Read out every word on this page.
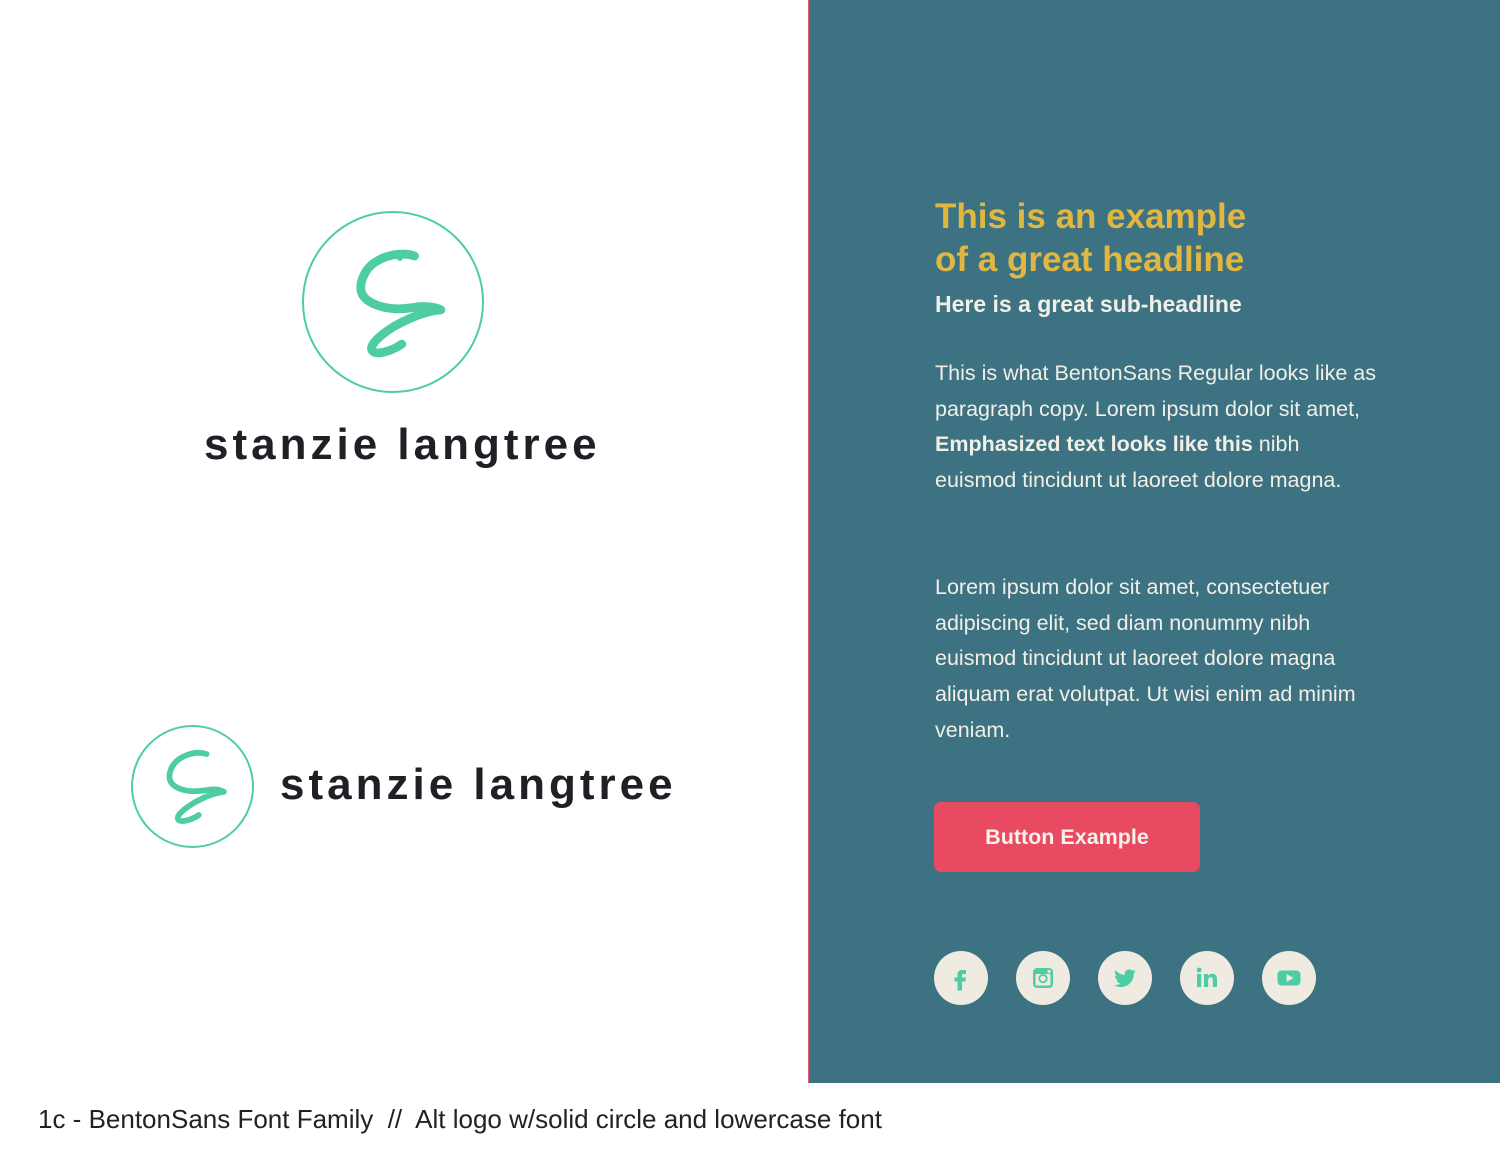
stanzie langtree
stanzie langtree
This is an example
of a great headline
Here is a great sub-headline

This is what BentonSans Regular looks like as paragraph copy. Lorem ipsum dolor sit amet, Emphasized text looks like this nibh euismod tincidunt ut laoreet dolore magna.

Lorem ipsum dolor sit amet, consectetuer adipiscing elit, sed diam nonummy nibh euismod tincidunt ut laoreet dolore magna aliquam erat volutpat. Ut wisi enim ad minim veniam.

Button Example
1c - BentonSans Font Family  //  Alt logo w/solid circle and lowercase font
